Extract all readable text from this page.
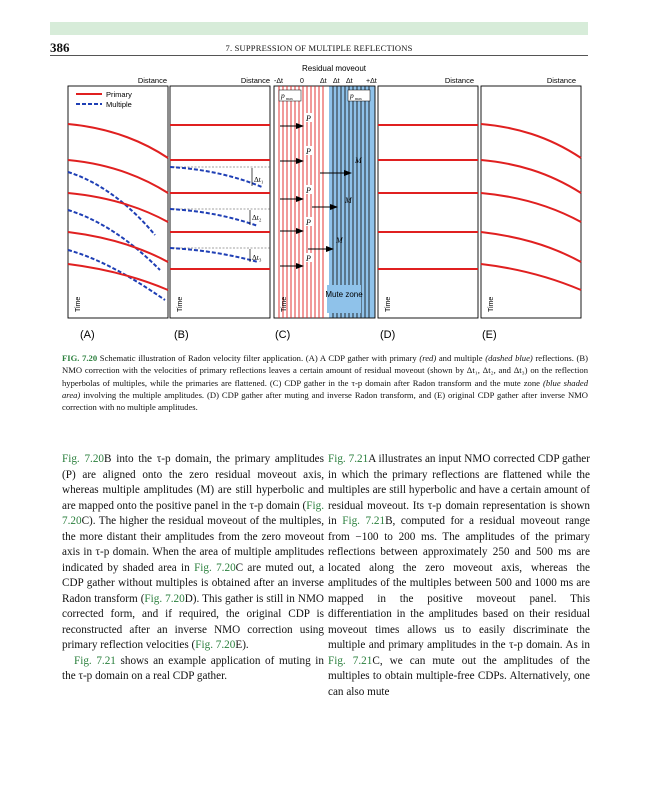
386	7. SUPPRESSION OF MULTIPLE REFLECTIONS
Residual moveout
-Δt 0 Δt Δt Δt +Δt
Distance	Distance	Distance	Distance
Primary
Multiple
Time
Δt₁
Δt₂
Δt₃
Time
p max	p max
P
P
P
P
P
M
M
M
Mute zone
Time	Time	Time
(A)	(B)	(C)	(D)	(E)
FIG. 7.20 Schematic illustration of Radon velocity filter application. (A) A CDP gather with primary (red) and multiple (dashed blue) reflections. (B) NMO correction with the velocities of primary reflections leaves a certain amount of residual moveout (shown by Δt₁, Δt₂, and Δt₃) on the reflection hyperbolas of multiples, while the primaries are flattened. (C) CDP gather in the τ-p domain after Radon transform and the mute zone (blue shaded area) involving the multiple amplitudes. (D) CDP gather after muting and inverse Radon transform, and (E) original CDP gather after inverse NMO correction with no multiple amplitudes.

Fig. 7.20B into the τ-p domain, the primary amplitudes (P) are aligned onto the zero residual moveout axis, whereas multiple amplitudes (M) are still hyperbolic and are mapped onto the positive panel in the τ-p domain (Fig. 7.20C). The higher the residual moveout of the multiples, the more distant their amplitudes from the zero moveout axis in τ-p domain. When the area of multiple amplitudes indicated by shaded area in Fig. 7.20C are muted out, a CDP gather without multiples is obtained after an inverse Radon transform (Fig. 7.20D). This gather is still in NMO corrected form, and if required, the original CDP is reconstructed after an inverse NMO correction using primary reflection velocities (Fig. 7.20E).

Fig. 7.21 shows an example application of muting in the τ-p domain on a real CDP gather.

Fig. 7.21A illustrates an input NMO corrected CDP gather in which the primary reflections are flattened while the multiples are still hyperbolic and have a certain amount of residual moveout. Its τ-p domain representation is shown in Fig. 7.21B, computed for a residual moveout range from −100 to 200 ms. The amplitudes of the primary reflections between approximately 250 and 500 ms are located along the zero moveout axis, whereas the amplitudes of the multiples between 500 and 1000 ms are mapped in the positive moveout panel. This differentiation in the amplitudes based on their residual moveout times allows us to easily discriminate the multiple and primary amplitudes in the τ-p domain. As in Fig. 7.21C, we can mute out the amplitudes of the multiples to obtain multiple-free CDPs. Alternatively, one can also mute
